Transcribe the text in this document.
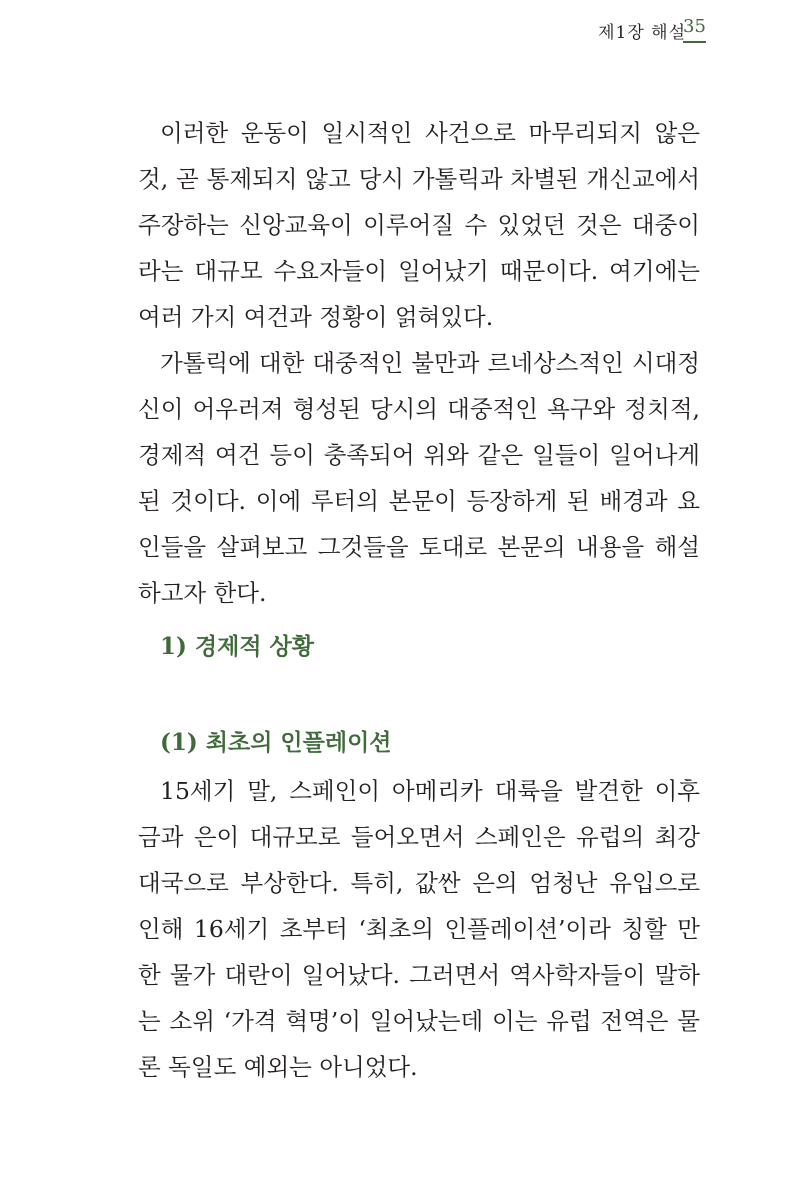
제1장 해설
35

이러한 운동이 일시적인 사건으로 마무리되지 않은 것, 곧 통제되지 않고 당시 가톨릭과 차별된 개신교에서 주장하는 신앙교육이 이루어질 수 있었던 것은 대중이라는 대규모 수요자들이 일어났기 때문이다. 여기에는 여러 가지 여건과 정황이 얽혀있다.

가톨릭에 대한 대중적인 불만과 르네상스적인 시대정신이 어우러져 형성된 당시의 대중적인 욕구와 정치적, 경제적 여건 등이 충족되어 위와 같은 일들이 일어나게 된 것이다. 이에 루터의 본문이 등장하게 된 배경과 요인들을 살펴보고 그것들을 토대로 본문의 내용을 해설하고자 한다.

1) 경제적 상황
(1) 최초의 인플레이션

15세기 말, 스페인이 아메리카 대륙을 발견한 이후 금과 은이 대규모로 들어오면서 스페인은 유럽의 최강대국으로 부상한다. 특히, 값싼 은의 엄청난 유입으로 인해 16세기 초부터 ‘최초의 인플레이션’이라 칭할 만한 물가 대란이 일어났다. 그러면서 역사학자들이 말하는 소위 ‘가격 혁명’이 일어났는데 이는 유럽 전역은 물론 독일도 예외는 아니었다.
